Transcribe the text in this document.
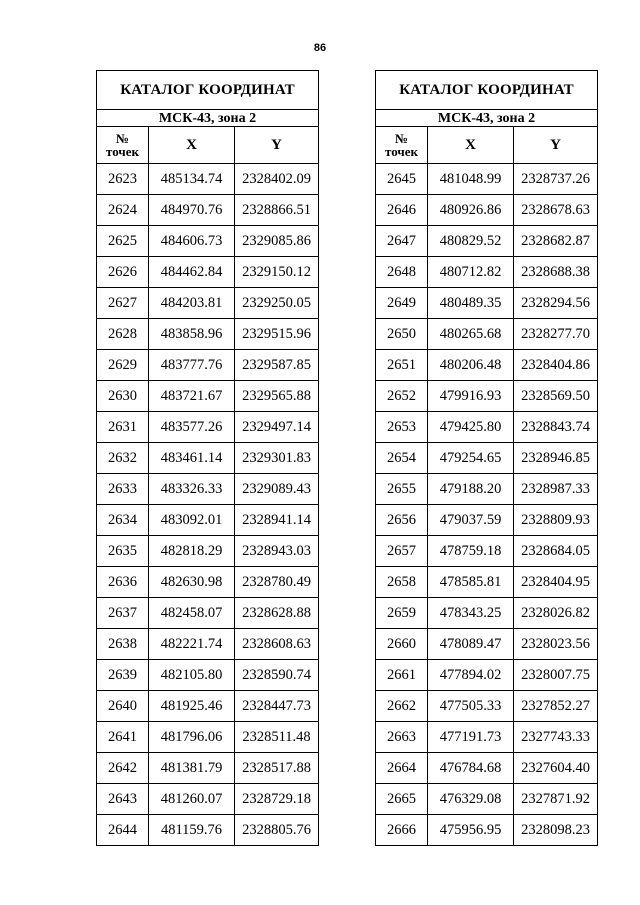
86
КАТАЛОГ КООРДИНАТ		
МСК-43, зона 2		

№
точек	X	Y
2623	485134.74	2328402.09
2624	484970.76	2328866.51
2625	484606.73	2329085.86
2626	484462.84	2329150.12
2627	484203.81	2329250.05
2628	483858.96	2329515.96
2629	483777.76	2329587.85
2630	483721.67	2329565.88
2631	483577.26	2329497.14
2632	483461.14	2329301.83
2633	483326.33	2329089.43
2634	483092.01	2328941.14
2635	482818.29	2328943.03
2636	482630.98	2328780.49
2637	482458.07	2328628.88
2638	482221.74	2328608.63
2639	482105.80	2328590.74
2640	481925.46	2328447.73
2641	481796.06	2328511.48
2642	481381.79	2328517.88
2643	481260.07	2328729.18
2644	481159.76	2328805.76
КАТАЛОГ КООРДИНАТ		
МСК-43, зона 2		

№
точек	X	Y
2645	481048.99	2328737.26
2646	480926.86	2328678.63
2647	480829.52	2328682.87
2648	480712.82	2328688.38
2649	480489.35	2328294.56
2650	480265.68	2328277.70
2651	480206.48	2328404.86
2652	479916.93	2328569.50
2653	479425.80	2328843.74
2654	479254.65	2328946.85
2655	479188.20	2328987.33
2656	479037.59	2328809.93
2657	478759.18	2328684.05
2658	478585.81	2328404.95
2659	478343.25	2328026.82
2660	478089.47	2328023.56
2661	477894.02	2328007.75
2662	477505.33	2327852.27
2663	477191.73	2327743.33
2664	476784.68	2327604.40
2665	476329.08	2327871.92
2666	475956.95	2328098.23
